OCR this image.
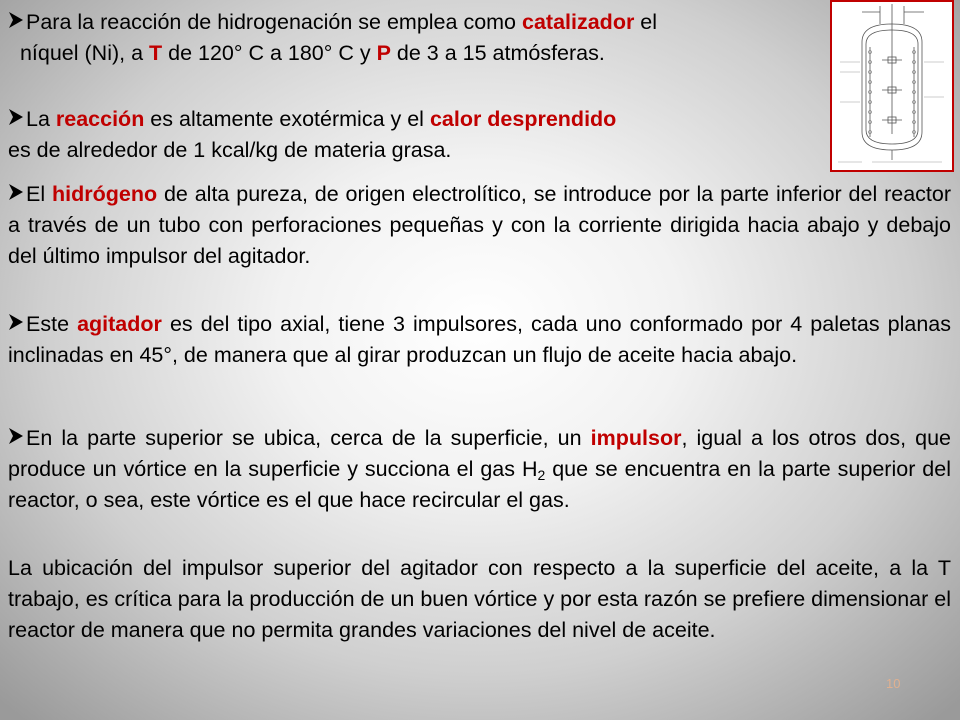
Para la reacción de hidrogenación se emplea como catalizador el
níquel (Ni), a T de 120° C a 180° C y P de 3 a 15 atmósferas.

La reacción es altamente exotérmica y el calor desprendido
es de alrededor de 1 kcal/kg de materia grasa.

El hidrógeno de alta pureza, de origen electrolítico, se introduce por la parte inferior del reactor a través de un tubo con perforaciones pequeñas y con la corriente dirigida hacia abajo y debajo del último impulsor del agitador.

Este agitador es del tipo axial, tiene 3 impulsores, cada uno conformado por 4 paletas planas inclinadas en 45°, de manera que al girar produzcan un flujo de aceite hacia abajo.

En la parte superior se ubica, cerca de la superficie, un impulsor, igual a los otros dos, que produce un vórtice en la superficie y succiona el gas $H_2$ que se encuentra en la parte superior del reactor, o sea, este vórtice es el que hace recircular el gas.

La ubicación del impulsor superior del agitador con respecto a la superficie del aceite, a la T trabajo, es crítica para la producción de un buen vórtice y por esta razón se prefiere dimensionar el reactor de manera que no permita grandes variaciones del nivel de aceite.

10
